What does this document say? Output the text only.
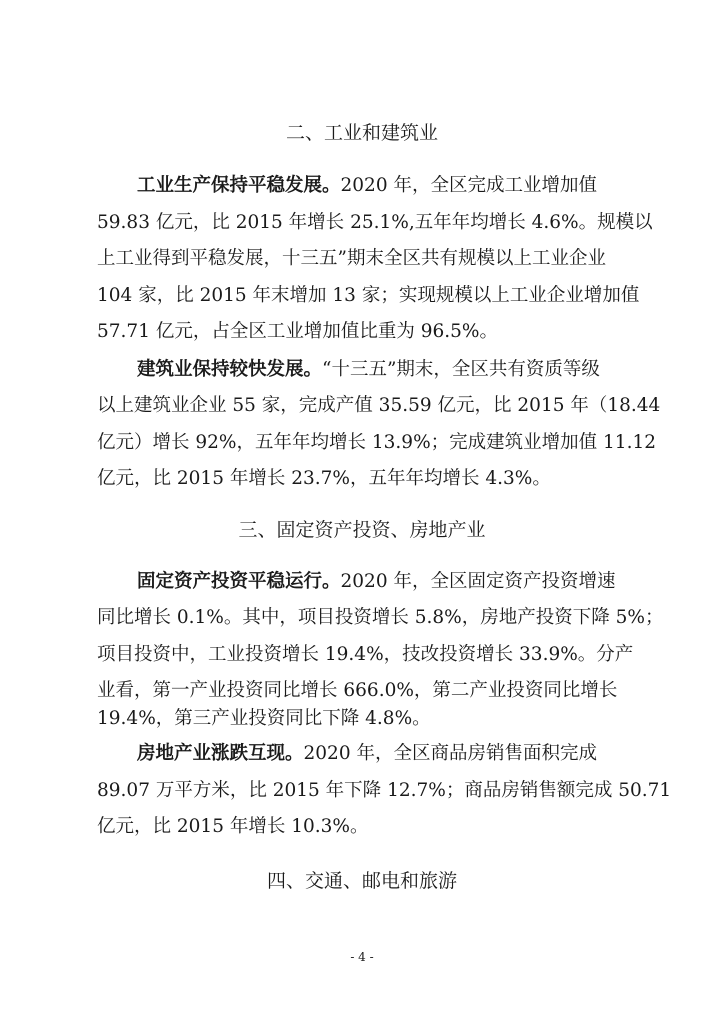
二、工业和建筑业
工业生产保持平稳发展。2020 年，全区完成工业增加值
59.83 亿元，比 2015 年增长 25.1%,五年年均增长 4.6%。规模以
上工业得到平稳发展，十三五”期末全区共有规模以上工业企业
104 家，比 2015 年末增加 13 家；实现规模以上工业企业增加值
57.71 亿元，占全区工业增加值比重为 96.5%。
建筑业保持较快发展。“十三五”期末，全区共有资质等级
以上建筑业企业 55 家，完成产值 35.59 亿元，比 2015 年（18.44
亿元）增长 92%，五年年均增长 13.9%；完成建筑业增加值 11.12
亿元，比 2015 年增长 23.7%，五年年均增长 4.3%。
三、固定资产投资、房地产业
固定资产投资平稳运行。2020 年，全区固定资产投资增速
同比增长 0.1%。其中，项目投资增长 5.8%，房地产投资下降 5%；
项目投资中，工业投资增长 19.4%，技改投资增长 33.9%。分产
业看，第一产业投资同比增长 666.0%，第二产业投资同比增长
19.4%，第三产业投资同比下降 4.8%。
房地产业涨跌互现。2020 年，全区商品房销售面积完成
89.07 万平方米，比 2015 年下降 12.7%；商品房销售额完成 50.71
亿元，比 2015 年增长 10.3%。
四、交通、邮电和旅游
- 4 -
